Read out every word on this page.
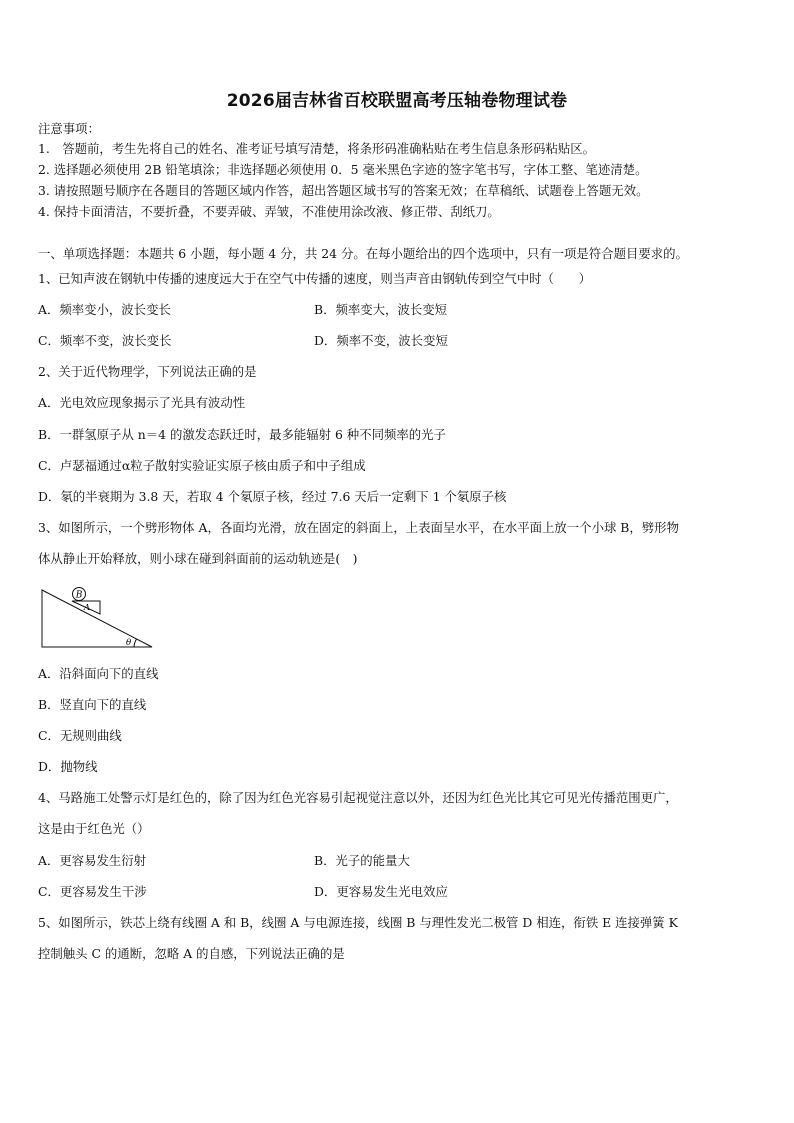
2026届吉林省百校联盟高考压轴卷物理试卷
注意事项：
1.　答题前，考生先将自己的姓名、准考证号填写清楚，将条形码准确粘贴在考生信息条形码粘贴区。
2. 选择题必须使用 2B 铅笔填涂；非选择题必须使用 0．5 毫米黑色字迹的签字笔书写，字体工整、笔迹清楚。
3. 请按照题号顺序在各题目的答题区域内作答，超出答题区域书写的答案无效；在草稿纸、试题卷上答题无效。
4. 保持卡面清洁，不要折叠，不要弄破、弄皱，不准使用涂改液、修正带、刮纸刀。
一、单项选择题：本题共 6 小题，每小题 4 分，共 24 分。在每小题给出的四个选项中，只有一项是符合题目要求的。
1、已知声波在钢轨中传播的速度远大于在空气中传播的速度，则当声音由钢轨传到空气中时（　　）
A．频率变小，波长变长	B．频率变大，波长变短
C．频率不变，波长变长	D．频率不变，波长变短
2、关于近代物理学，下列说法正确的是
A．光电效应现象揭示了光具有波动性
B．一群氢原子从 n＝4 的激发态跃迁时，最多能辐射 6 种不同频率的光子
C．卢瑟福通过α粒子散射实验证实原子核由质子和中子组成
D．氡的半衰期为 3.8 天，若取 4 个氡原子核，经过 7.6 天后一定剩下 1 个氡原子核
3、如图所示，一个劈形物体 A，各面均光滑，放在固定的斜面上，上表面呈水平，在水平面上放一个小球 B，劈形物
体从静止开始释放，则小球在碰到斜面前的运动轨迹是(　)
B
A
θ
A．沿斜面向下的直线
B．竖直向下的直线
C．无规则曲线
D．抛物线
4、马路施工处警示灯是红色的，除了因为红色光容易引起视觉注意以外，还因为红色光比其它可见光传播范围更广，
这是由于红色光（）
A．更容易发生衍射	B．光子的能量大
C．更容易发生干涉	D．更容易发生光电效应
5、如图所示，铁芯上绕有线圈 A 和 B，线圈 A 与电源连接，线圈 B 与理性发光二极管 D 相连，衔铁 E 连接弹簧 K
控制触头 C 的通断，忽略 A 的自感，下列说法正确的是
